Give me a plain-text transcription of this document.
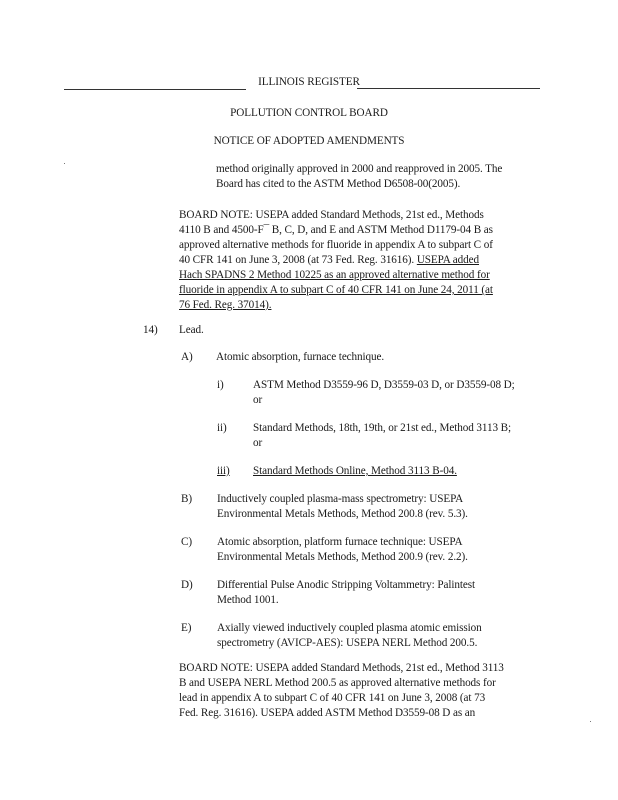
ILLINOIS REGISTER
POLLUTION CONTROL BOARD
NOTICE OF ADOPTED AMENDMENTS
method originally approved in 2000 and reapproved in 2005. The
Board has cited to the ASTM Method D6508-00(2005).
BOARD NOTE: USEPA added Standard Methods, 21st ed., Methods
4110 B and 4500-F¯ B, C, D, and E and ASTM Method D1179-04 B as
approved alternative methods for fluoride in appendix A to subpart C of
40 CFR 141 on June 3, 2008 (at 73 Fed. Reg. 31616). USEPA added
Hach SPADNS 2 Method 10225 as an approved alternative method for
fluoride in appendix A to subpart C of 40 CFR 141 on June 24, 2011 (at
76 Fed. Reg. 37014).
14) Lead.
A) Atomic absorption, furnace technique.
i)	ASTM Method D3559-96 D, D3559-03 D, or D3559-08 D;
or
ii) Standard Methods, 18th, 19th, or 21st ed., Method 3113 B;
or
iii) Standard Methods Online, Method 3113 B-04.
B) Inductively coupled plasma-mass spectrometry: USEPA
Environmental Metals Methods, Method 200.8 (rev. 5.3).
C) Atomic absorption, platform furnace technique: USEPA
Environmental Metals Methods, Method 200.9 (rev. 2.2).
D) Differential Pulse Anodic Stripping Voltammetry: Palintest
Method 1001.
E) Axially viewed inductively coupled plasma atomic emission
spectrometry (AVICP-AES): USEPA NERL Method 200.5.
BOARD NOTE: USEPA added Standard Methods, 21st ed., Method 3113
B and USEPA NERL Method 200.5 as approved alternative methods for
lead in appendix A to subpart C of 40 CFR 141 on June 3, 2008 (at 73
Fed. Reg. 31616). USEPA added ASTM Method D3559-08 D as an
